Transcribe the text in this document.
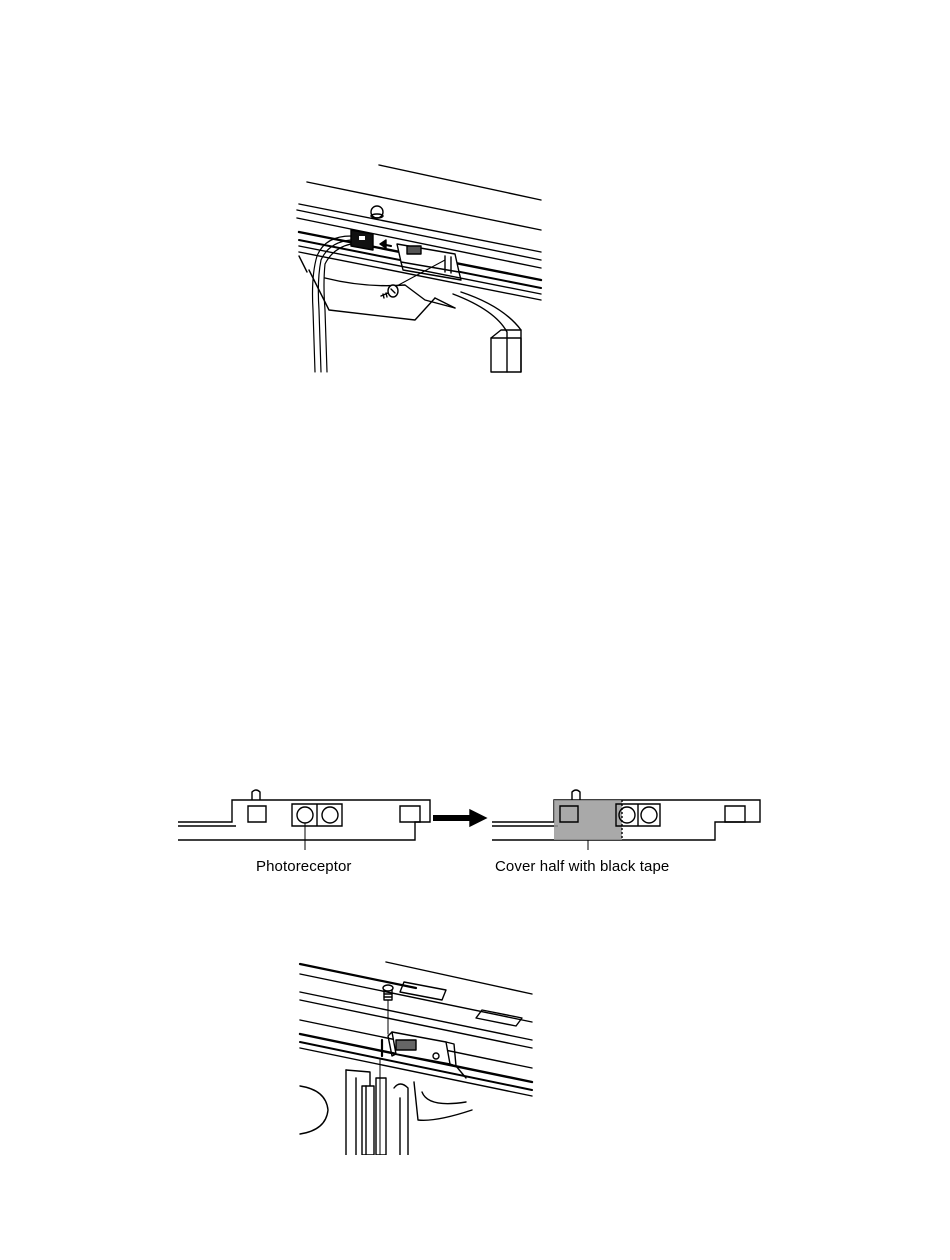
Photoreceptor	Cover half with black tape
